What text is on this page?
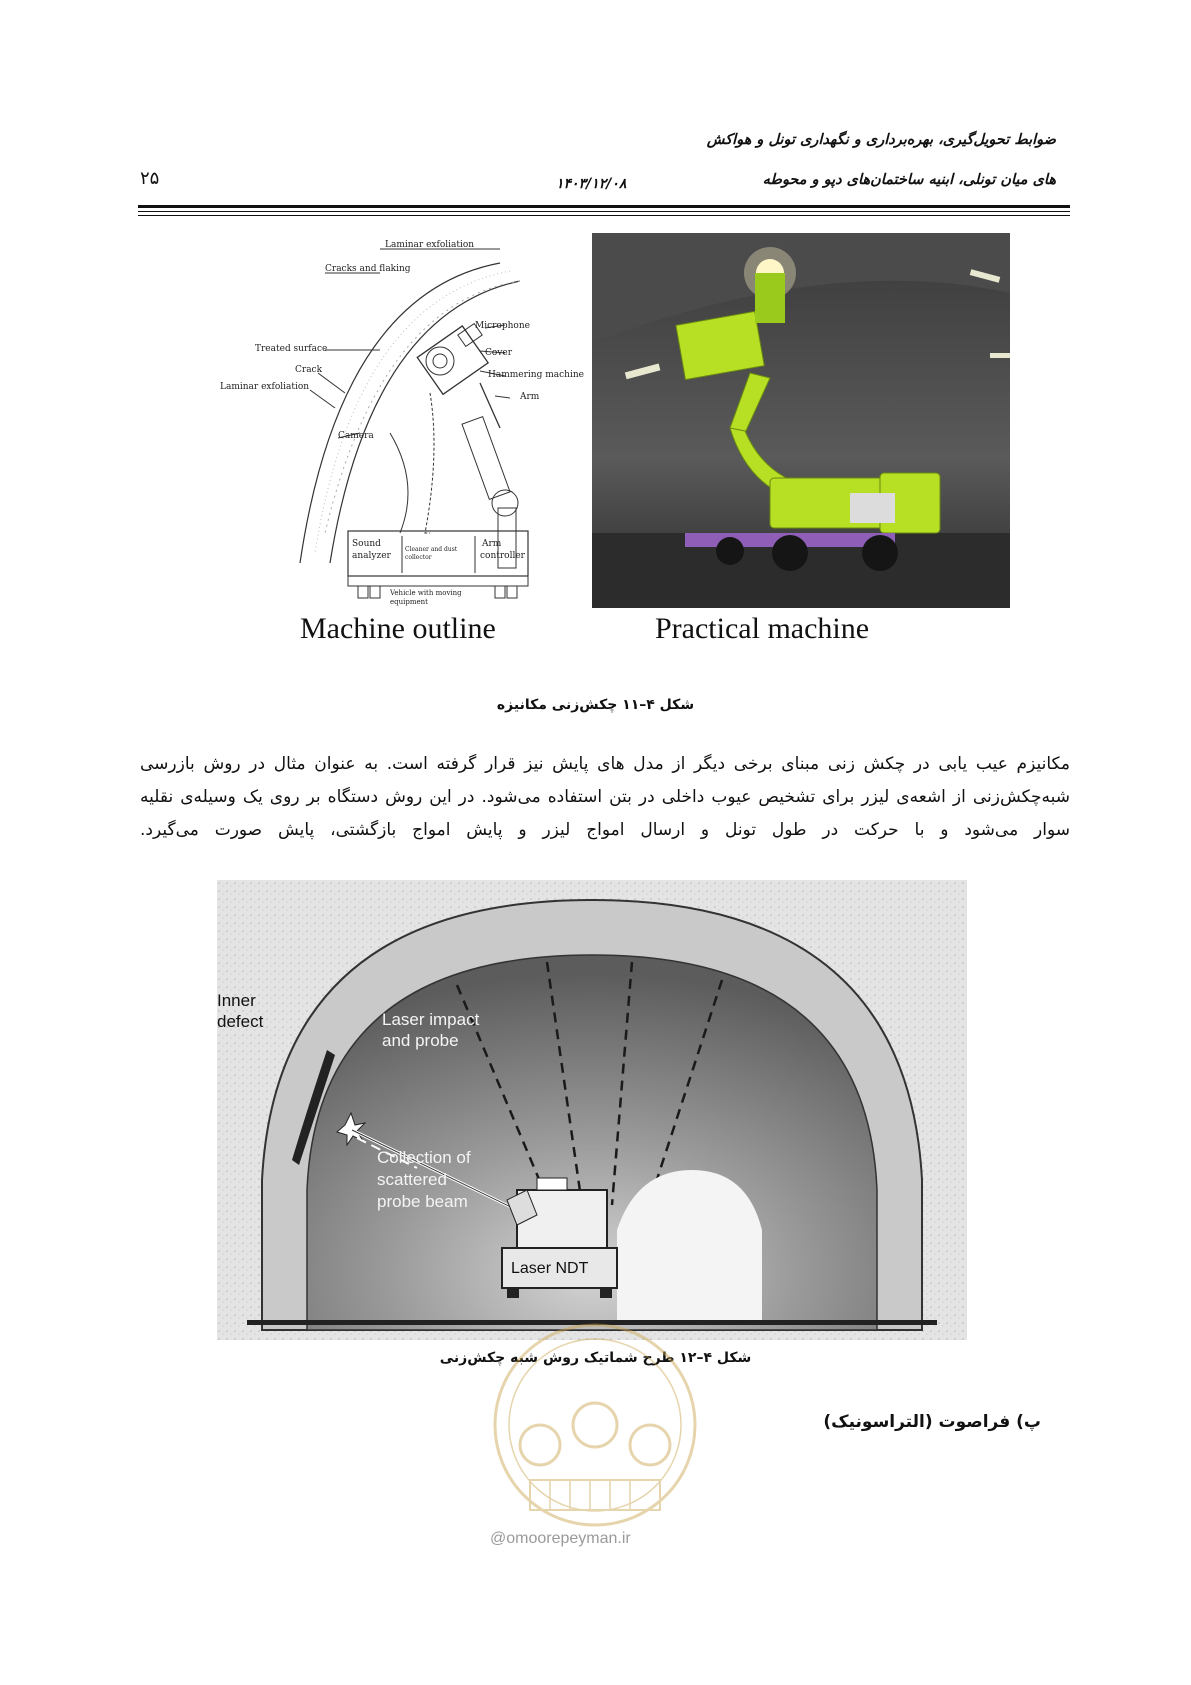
ضوابط تحویل‌گیری، بهره‌برداری و نگهداری تونل و هواکش
های میان تونلی، ابنیه ساختمان‌های دپو و محوطه
۱۴۰۳/۱۲/۰۸
۲۵
Laminar exfoliation
Cracks and flaking
Microphone
Treated surface	Cover
Crack	Hammering machine
Laminar exfoliation
Arm
Camera
Sound
analyzer
Cleaner and dust
collector
Arm
controller
Vehicle with moving
equipment
Machine outline	Practical machine
شکل ۴–۱۱ چکش‌زنی مکانیزه
مکانیزم عیب یابی در چکش زنی مبنای برخی دیگر از مدل های پایش نیز قرار گرفته است. به عنوان مثال در روش بازرسی شبه‌چکش‌زنی از اشعه‌ی لیزر برای تشخیص عیوب داخلی در بتن استفاده می‌شود. در این روش دستگاه بر روی یک وسیله‌ی نقلیه سوار می‌شود و با حرکت در طول تونل و ارسال امواج لیزر و پایش امواج بازگشتی، پایش صورت می‌گیرد.
Inner
defect	Laser impact
and probe
Collection of
scattered
probe beam
Laser NDT
شکل ۴–۱۲ طرح شماتیک روش شبه چکش‌زنی
پ) فراصوت (التراسونیک)
@omoorepeyman.ir
